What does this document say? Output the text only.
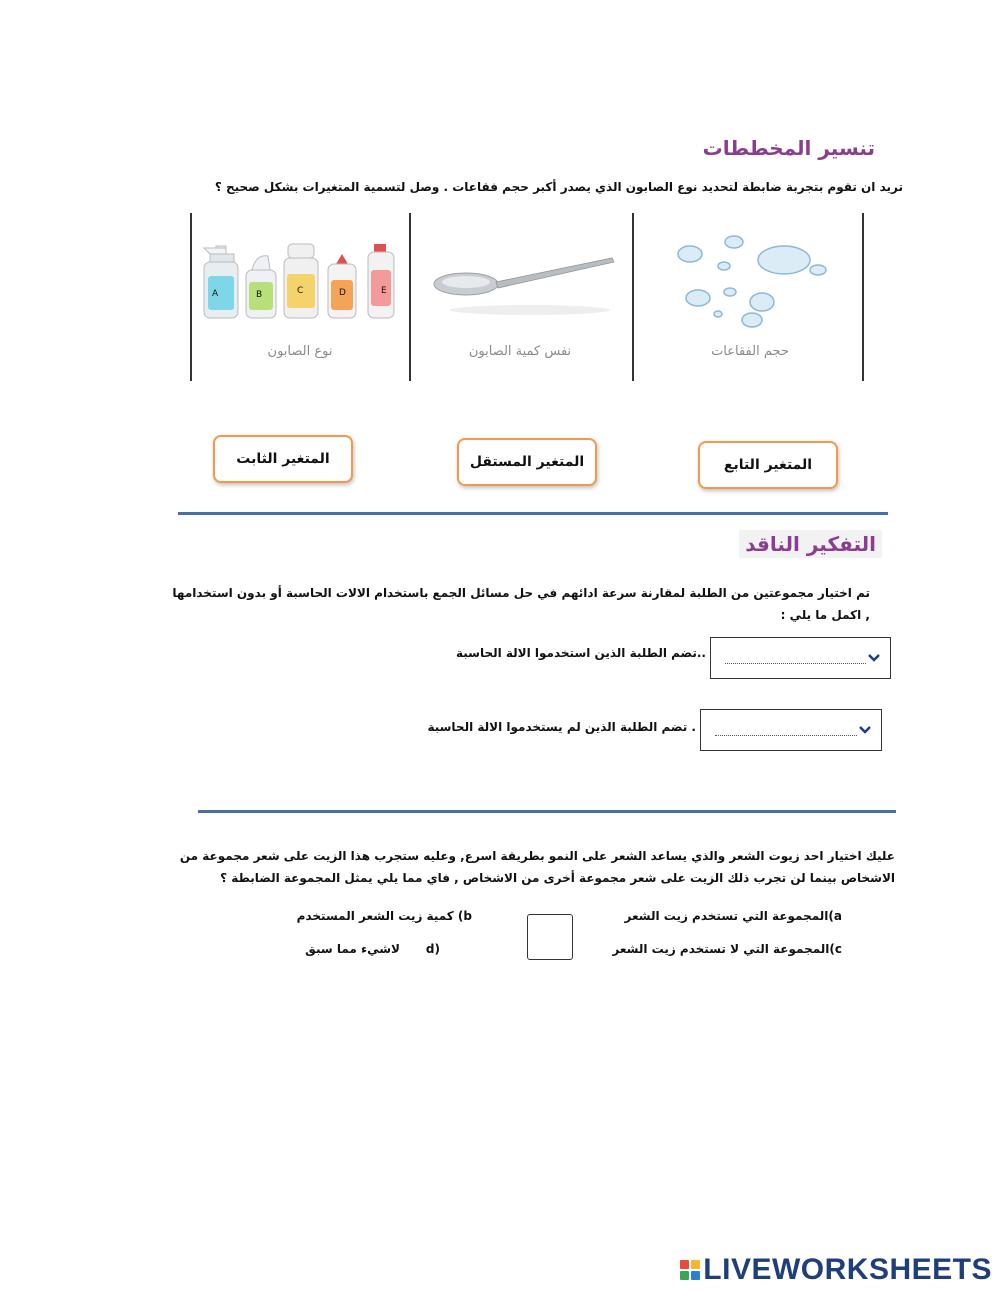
تنسير المخططات
تريد ان تقوم بتجربة ضابطة لتحديد نوع الصابون الذي يصدر أكبر حجم فقاعات . وصل لتسمية المتغيرات بشكل صحيح ؟
A	B	C	D	E
نوع الصابون	نفس كمية الصابون	حجم الفقاعات
المتغير الثابت	المتغير المستقل	المتغير التابع
التفكير الناقد
تم اختيار مجموعتين من الطلبة لمقارنة سرعة ادائهم في حل مسائل الجمع باستخدام الالات الحاسبة أو بدون استخدامها
, اكمل ما يلي :
..تضم الطلبة الذين استخدموا الالة الحاسبة
. تضم الطلبة الذين لم يستخدموا الالة الحاسبة
عليك اختيار احد زيوت الشعر والذي يساعد الشعر على النمو بطريقة اسرع, وعليه ستجرب هذا الزيت على شعر مجموعة من
الاشخاص بينما لن تجرب ذلك الزيت على شعر مجموعة أخرى من الاشخاص , فاي مما يلي يمثل المجموعة الضابطة ؟
a)المجموعة التي تستخدم زيت الشعر
b) كمية زيت الشعر المستخدم
c)المجموعة التي لا تستخدم زيت الشعر
(d
لاشيء مما سبق
LIVEWORKSHEETS
